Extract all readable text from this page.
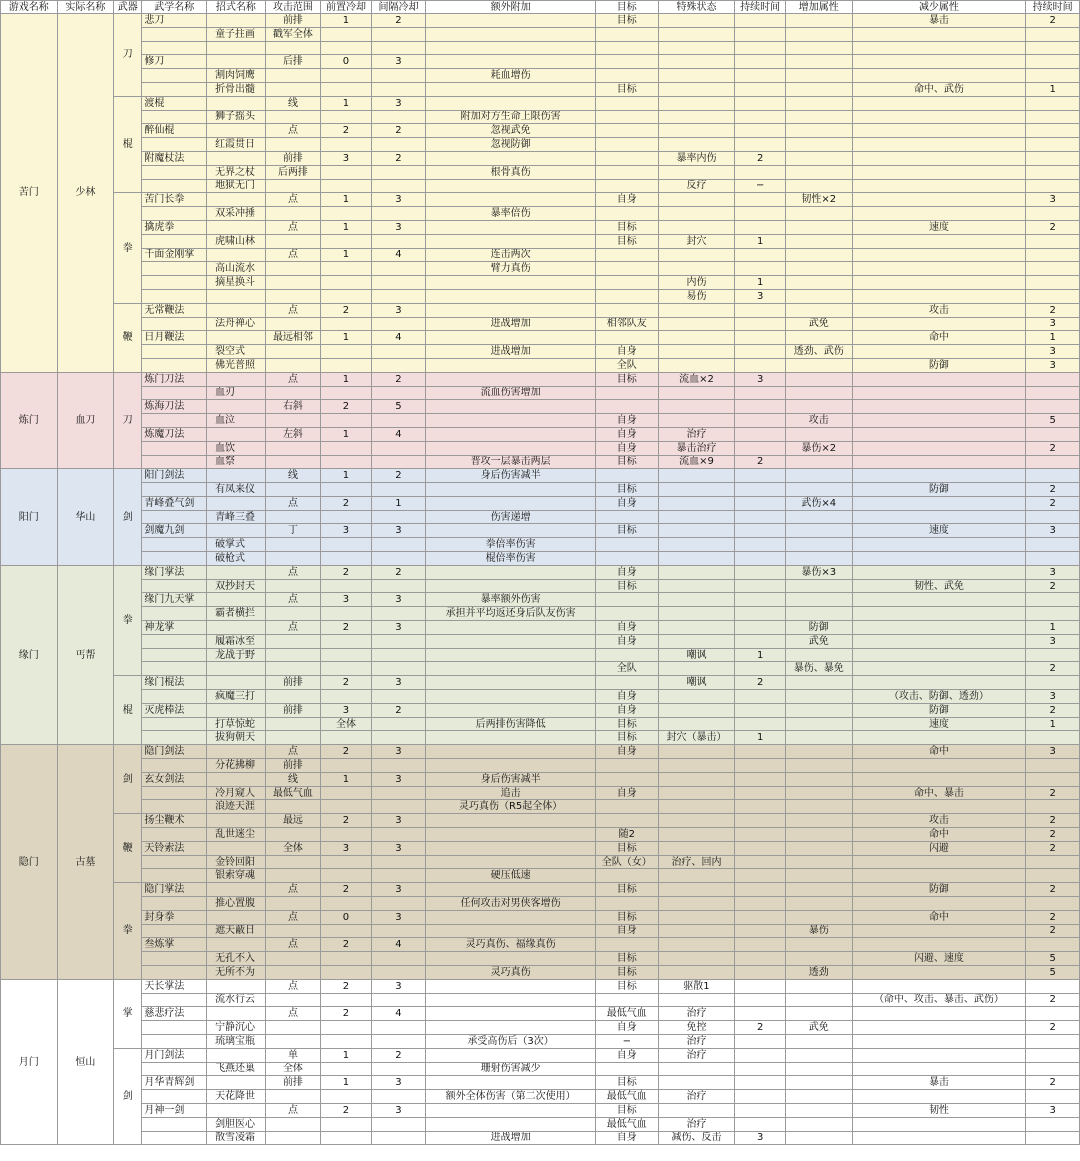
游戏名称	实际名称	武器	武学名称	招式名称	攻击范围	前置冷却	间隔冷却	额外附加	目标	特殊状态	持续时间	增加属性	减少属性	持续时间
苦门	少林	刀	悲刀		前排	1	2		目标				暴击	2
				童子拄画	戳军全体									

			修刀		后排	0	3							
				割肉饲鹰				耗血增伤						
				折骨出髓					目标				命中、武伤	1
		棍	渡棍		线	1	3							
				狮子摇头				附加对方生命上限伤害						
			醉仙棍		点	2	2	忽视武免						
				红霞贯日				忽视防御						
			附魔杖法		前排	3	2			暴率内伤	2			
				无界之杖	后两排			根骨真伤						
				地狱无门						反疗	−			
		拳	苦门长拳		点	1	3		自身			韧性×2		3
				双采冲捶				暴率倍伤						
			擒虎拳		点	1	3		目标				速度	2
				虎啸山林					目标	封穴	1			
			千面金刚掌		点	1	4	连击两次						
				高山流水				臂力真伤						
				摘星换斗						内伤	1			
										易伤	3			
		鞭	无常鞭法		点	2	3						攻击	2
				法舟禅心				进战增加	相邻队友			武免		3
			日月鞭法		最远相邻	1	4						命中	1
				裂空式				进战增加	自身			透劲、武伤		3
				佛光普照					全队				防御	3
炼门	血刀	刀	炼门刀法		点	1	2		目标	流血×2	3			
				血刃				流血伤害增加						
			炼海刀法		右斜	2	5							
				血泣					自身			攻击		5
			炼魔刀法		左斜	1	4		自身	治疗				
				血饮					自身	暴击治疗		暴伤×2		2
				血祭				普攻一层暴击两层	目标	流血×9	2			
阳门	华山	剑	阳门剑法		线	1	2	身后伤害减半						
				有凤来仪					目标				防御	2
			青峰叠气剑		点	2	1		自身			武伤×4		2
				青峰三叠				伤害递增						
			剑魔九剑		丁	3	3		目标				速度	3
				破掌式				拳倍率伤害						
				破枪式				棍倍率伤害						
缘门	丐帮	拳	缘门掌法		点	2	2		自身			暴伤×3		3
				双抄封天					目标				韧性、武免	2
			缘门九天掌		点	3	3	暴率额外伤害						
				霸者横拦				承担并平均返还身后队友伤害						
			神龙掌		点	2	3		自身			防御		1
				履霜冰至					自身			武免		3
				龙战于野						嘲讽	1			
									全队			暴伤、暴免		2
		棍	缘门棍法		前排	2	3			嘲讽	2			
				疯魔三打					自身				（攻击、防御、透劲）	3
			灭虎棒法		前排	3	2		自身				防御	2
				打草惊蛇		全体		后两排伤害降低	目标				速度	1
				拔狗朝天					目标	封穴（暴击）	1			
隐门	古墓	剑	隐门剑法		点	2	3		自身				命中	3
				分花拂柳	前排									
			玄女剑法		线	1	3	身后伤害减半						
				冷月窥人	最低气血			追击	自身				命中、暴击	2
				浪迹天涯				灵巧真伤（R5起全体）						
		鞭	扬尘鞭术		最远	2	3						攻击	2
				乱世迷尘					随2				命中	2
			天铃索法		全体	3	3		目标				闪避	2
				金铃回阳					全队（女）	治疗、回内				
				银索穿魂				硬压低速						
		拳	隐门掌法		点	2	3		目标				防御	2
				推心置腹				任何攻击对男侠客增伤						
			封身拳		点	0	3		目标				命中	2
				遮天蔽日					自身			暴伤		2
			叁炼掌		点	2	4	灵巧真伤、福缘真伤						
				无孔不入					目标				闪避、速度	5
				无所不为				灵巧真伤	目标			透劲		5
月门	恒山	掌	天长掌法		点	2	3		目标	驱散1				
				流水行云									（命中、攻击、暴击、武伤）	2
			慈悲疗法		点	2	4		最低气血	治疗				
				宁静沉心					自身	免控	2	武免		2
				琉璃宝瓶				承受高伤后（3次）	−	治疗				
		剑	月门剑法		单	1	2		自身	治疗				
				飞燕还巢	全体			珊射伤害减少						
			月华青辉剑		前排	1	3		目标				暴击	2
				天花降世				额外全体伤害（第二次使用）	最低气血	治疗				
			月神一剑		点	2	3		目标				韧性	3
				剑胆医心					最低气血	治疗				
				散雪凌霜				进战增加	自身	减伤、反击	3			
